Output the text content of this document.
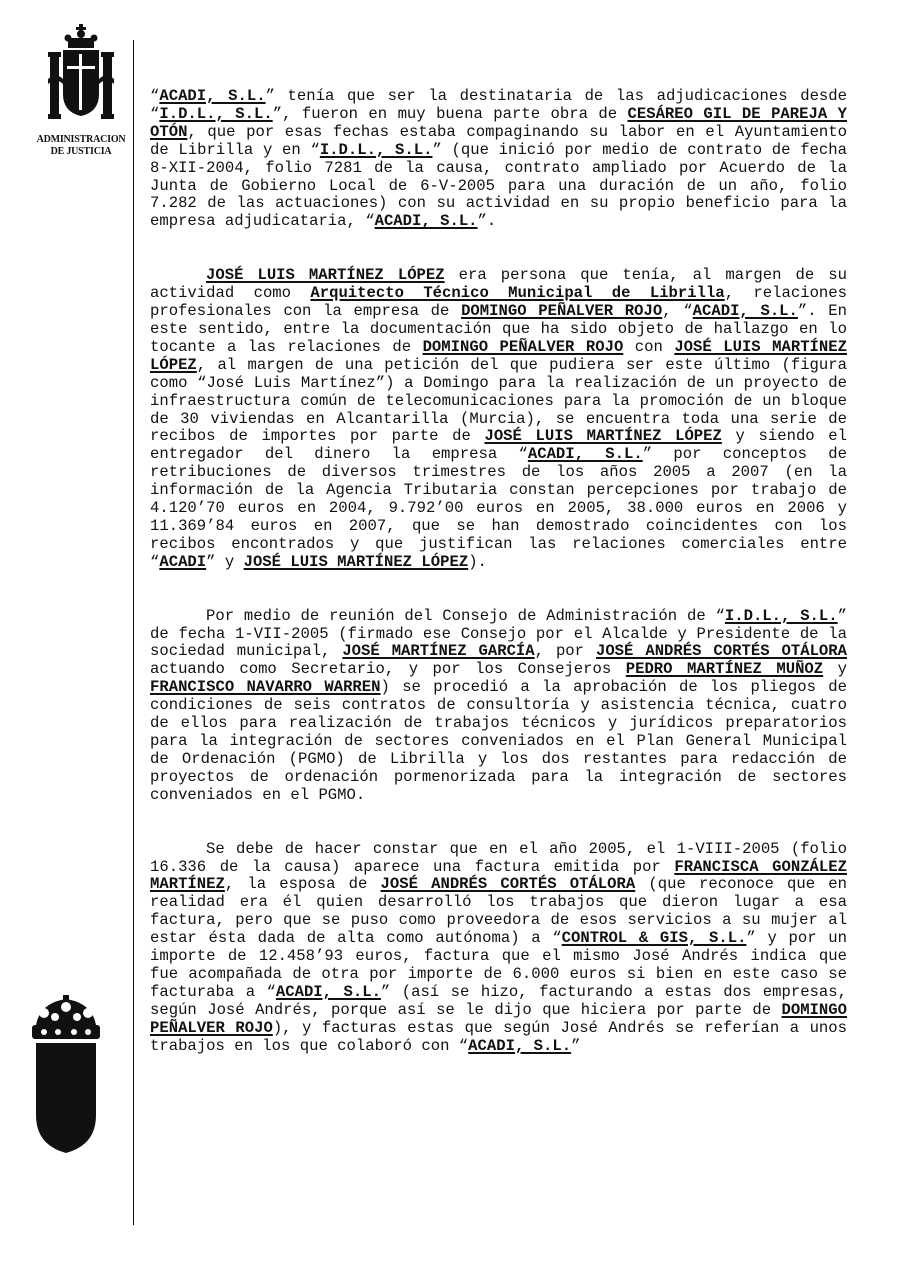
ADMINISTRACION
DE JUSTICIA

“ACADI, S.L.” tenía que ser la destinataria de las adjudicaciones desde “I.D.L., S.L.”, fueron en muy buena parte obra de CESÁREO GIL DE PAREJA Y OTÓN, que por esas fechas estaba compaginando su labor en el Ayuntamiento de Librilla y en “I.D.L., S.L.” (que inició por medio de contrato de fecha 8-XII-2004, folio 7281 de la causa, contrato ampliado por Acuerdo de la Junta de Gobierno Local de 6-V-2005 para una duración de un año, folio 7.282 de las actuaciones) con su actividad en su propio beneficio para la empresa adjudicataria, “ACADI, S.L.”.

JOSÉ LUIS MARTÍNEZ LÓPEZ era persona que tenía, al margen de su actividad como Arquitecto Técnico Municipal de Librilla, relaciones profesionales con la empresa de DOMINGO PEÑALVER ROJO, “ACADI, S.L.”. En este sentido, entre la documentación que ha sido objeto de hallazgo en lo tocante a las relaciones de DOMINGO PEÑALVER ROJO con JOSÉ LUIS MARTÍNEZ LÓPEZ, al margen de una petición del que pudiera ser este último (figura como “José Luis Martínez”) a Domingo para la realización de un proyecto de infraestructura común de telecomunicaciones para la promoción de un bloque de 30 viviendas en Alcantarilla (Murcia), se encuentra toda una serie de recibos de importes por parte de JOSÉ LUIS MARTÍNEZ LÓPEZ y siendo el entregador del dinero la empresa “ACADI, S.L.” por conceptos de retribuciones de diversos trimestres de los años 2005 a 2007 (en la información de la Agencia Tributaria constan percepciones por trabajo de 4.120’70 euros en 2004, 9.792’00 euros en 2005, 38.000 euros en 2006 y 11.369’84 euros en 2007, que se han demostrado coincidentes con los recibos encontrados y que justifican las relaciones comerciales entre “ACADI” y JOSÉ LUIS MARTÍNEZ LÓPEZ).

Por medio de reunión del Consejo de Administración de “I.D.L., S.L.” de fecha 1-VII-2005 (firmado ese Consejo por el Alcalde y Presidente de la sociedad municipal, JOSÉ MARTÍNEZ GARCÍA, por JOSÉ ANDRÉS CORTÉS OTÁLORA actuando como Secretario, y por los Consejeros PEDRO MARTÍNEZ MUÑOZ y FRANCISCO NAVARRO WARREN) se procedió a la aprobación de los pliegos de condiciones de seis contratos de consultoría y asistencia técnica, cuatro de ellos para realización de trabajos técnicos y jurídicos preparatorios para la integración de sectores conveniados en el Plan General Municipal de Ordenación (PGMO) de Librilla y los dos restantes para redacción de proyectos de ordenación pormenorizada para la integración de sectores conveniados en el PGMO.

Se debe de hacer constar que en el año 2005, el 1-VIII-2005 (folio 16.336 de la causa) aparece una factura emitida por FRANCISCA GONZÁLEZ MARTÍNEZ, la esposa de JOSÉ ANDRÉS CORTÉS OTÁLORA (que reconoce que en realidad era él quien desarrolló los trabajos que dieron lugar a esa factura, pero que se puso como proveedora de esos servicios a su mujer al estar ésta dada de alta como autónoma) a “CONTROL & GIS, S.L.” y por un importe de 12.458’93 euros, factura que el mismo José Andrés indica que fue acompañada de otra por importe de 6.000 euros si bien en este caso se facturaba a “ACADI, S.L.” (así se hizo, facturando a estas dos empresas, según José Andrés, porque así se le dijo que hiciera por parte de DOMINGO PEÑALVER ROJO), y facturas estas que según José Andrés se referían a unos trabajos en los que colaboró con “ACADI, S.L.”
